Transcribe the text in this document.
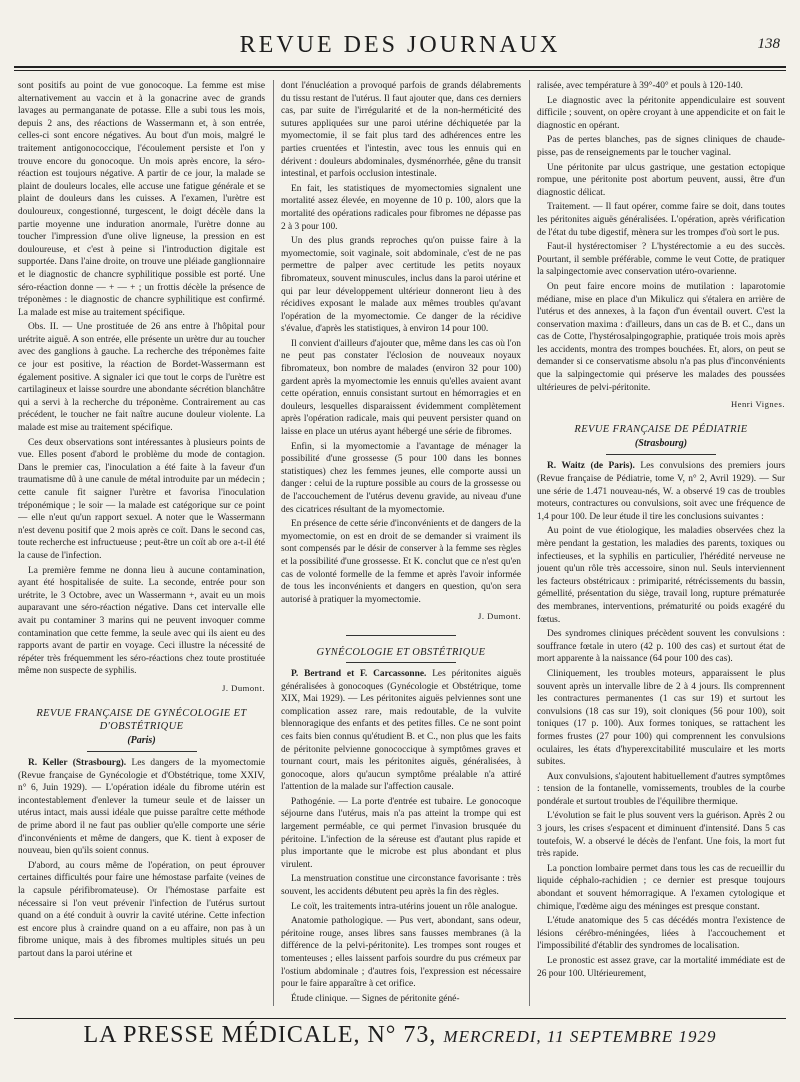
REVUE DES JOURNAUX	138

sont positifs au point de vue gonocoque. La femme est mise alternativement au vaccin et à la gonacrine avec de grands lavages au permanganate de potasse. Elle a subi tous les mois, depuis 2 ans, des réactions de Wassermann et, à son entrée, celles-ci sont encore négatives. Au bout d'un mois, malgré le traitement antigonococcique, l'écoulement persiste et l'on y trouve encore du gonocoque. Un mois après encore, la séro-réaction est toujours négative. A partir de ce jour, la malade se plaint de douleurs locales, elle accuse une fatigue générale et se plaint de douleurs dans les cuisses. A l'examen, l'urètre est douloureux, congestionné, turgescent, le doigt décèle dans la partie moyenne une induration anormale, l'urètre donne au toucher l'impression d'une olive ligneuse, la pression en est douloureuse, et c'est à peine si l'introduction digitale est supportée. Dans l'aine droite, on trouve une pléiade ganglionnaire et le diagnostic de chancre syphilitique possible est porté. Une séro-réaction donne — + — + ; un frottis décèle la présence de tréponèmes : le diagnostic de chancre syphilitique est confirmé. La malade est mise au traitement spécifique.

Obs. II. — Une prostituée de 26 ans entre à l'hôpital pour urétrite aiguë. A son entrée, elle présente un urètre dur au toucher avec des ganglions à gauche. La recherche des tréponèmes faite ce jour est positive, la réaction de Bordet-Wassermann est également positive. A signaler ici que tout le corps de l'urètre est cartilagineux et laisse sourdre une abondante sécrétion blanchâtre qui a servi à la recherche du tréponème. Contrairement au cas précédent, le toucher ne fait naître aucune douleur violente. La malade est mise au traitement spécifique.

Ces deux observations sont intéressantes à plusieurs points de vue. Elles posent d'abord le problème du mode de contagion. Dans le premier cas, l'inoculation a été faite à la faveur d'un traumatisme dû à une canule de métal introduite par un médecin ; cette canule fit saigner l'urètre et favorisa l'inoculation tréponémique ; le soir — la malade est catégorique sur ce point — elle n'eut qu'un rapport sexuel. A noter que le Wassermann n'est devenu positif que 2 mois après ce coït. Dans le second cas, toute recherche est infructueuse ; peut-être un coït ab ore a-t-il été la cause de l'infection.

La première femme ne donna lieu à aucune contamination, ayant été hospitalisée de suite. La seconde, entrée pour son urétrite, le 3 Octobre, avec un Wassermann +, avait eu un mois auparavant une séro-réaction négative. Dans cet intervalle elle avait pu contaminer 3 marins qui ne peuvent invoquer comme contamination que cette femme, la seule avec qui ils aient eu des rapports avant de partir en voyage. Ceci illustre la nécessité de répéter très fréquemment les séro-réactions chez toute prostituée même non suspecte de syphilis.

J. Dumont.

REVUE FRANÇAISE DE GYNÉCOLOGIE ET D'OBSTÉTRIQUE
(Paris)

R. Keller (Strasbourg). Les dangers de la myomectomie (Revue française de Gynécologie et d'Obstétrique, tome XXIV, n° 6, Juin 1929). — L'opération idéale du fibrome utérin est incontestablement d'enlever la tumeur seule et de laisser un utérus intact, mais aussi idéale que puisse paraître cette méthode de prime abord il ne faut pas oublier qu'elle comporte une série d'inconvénients et même de dangers, que K. tient à exposer de nouveau, bien qu'ils soient connus.

D'abord, au cours même de l'opération, on peut éprouver certaines difficultés pour faire une hémostase parfaite (veines de la capsule périfibromateuse). Or l'hémostase parfaite est nécessaire si l'on veut prévenir l'infection de l'utérus surtout quand on a été conduit à ouvrir la cavité utérine. Cette infection est encore plus à craindre quand on a eu affaire, non pas à un fibrome unique, mais à des fibromes multiples situés un peu partout dans la paroi utérine et

dont l'énucléation a provoqué parfois de grands délabrements du tissu restant de l'utérus. Il faut ajouter que, dans ces derniers cas, par suite de l'irrégularité et de la non-herméticité des sutures appliquées sur une paroi utérine déchiquetée par la myomectomie, il se fait plus tard des adhérences entre les parties cruentées et l'intestin, avec tous les ennuis qui en dérivent : douleurs abdominales, dysménorrhée, gêne du transit intestinal, et parfois occlusion intestinale.

En fait, les statistiques de myomectomies signalent une mortalité assez élevée, en moyenne de 10 p. 100, alors que la mortalité des opérations radicales pour fibromes ne dépasse pas 2 à 3 pour 100.

Un des plus grands reproches qu'on puisse faire à la myomectomie, soit vaginale, soit abdominale, c'est de ne pas permettre de palper avec certitude les petits noyaux fibromateux, souvent minuscules, inclus dans la paroi utérine et qui par leur développement ultérieur donneront lieu à des récidives exposant le malade aux mêmes troubles qu'avant l'opération de la myomectomie. Ce danger de la récidive s'évalue, d'après les statistiques, à environ 14 pour 100.

Il convient d'ailleurs d'ajouter que, même dans les cas où l'on ne peut pas constater l'éclosion de nouveaux noyaux fibromateux, bon nombre de malades (environ 32 pour 100) gardent après la myomectomie les ennuis qu'elles avaient avant cette opération, ennuis consistant surtout en hémorragies et en douleurs, lesquelles disparaissent évidemment complètement après l'opération radicale, mais qui peuvent persister quand on laisse en place un utérus ayant hébergé une série de fibromes.

Enfin, si la myomectomie a l'avantage de ménager la possibilité d'une grossesse (5 pour 100 dans les bonnes statistiques) chez les femmes jeunes, elle comporte aussi un danger : celui de la rupture possible au cours de la grossesse ou de l'accouchement de l'utérus devenu gravide, au niveau d'une des cicatrices résultant de la myomectomie.

En présence de cette série d'inconvénients et de dangers de la myomectomie, on est en droit de se demander si vraiment ils sont compensés par le désir de conserver à la femme ses règles et la possibilité d'une grossesse. Et K. conclut que ce n'est qu'en cas de volonté formelle de la femme et après l'avoir informée de tous les inconvénients et dangers en question, qu'on sera autorisé à pratiquer la myomectomie.

J. Dumont.

GYNÉCOLOGIE ET OBSTÉTRIQUE

P. Bertrand et F. Carcassonne. Les péritonites aiguës généralisées à gonocoques (Gynécologie et Obstétrique, tome XIX, Mai 1929). — Les péritonites aiguës pelviennes sont une complication assez rare, mais redoutable, de la vulvite blennoragique des enfants et des petites filles. Ce ne sont point ces faits bien connus qu'étudient B. et C., non plus que les faits de péritonite pelvienne gonococcique à symptômes graves et tournant court, mais les péritonites aiguës, généralisées, à gonocoque, alors qu'aucun symptôme préalable n'a attiré l'attention de la malade sur l'affection causale.

Pathogénie. — La porte d'entrée est tubaire. Le gonocoque séjourne dans l'utérus, mais n'a pas atteint la trompe qui est largement perméable, ce qui permet l'invasion brusquée du péritoine. L'infection de la séreuse est d'autant plus rapide et plus importante que le microbe est plus abondant et plus virulent.

La menstruation constitue une circonstance favorisante : très souvent, les accidents débutent peu après la fin des règles.

Le coït, les traitements intra-utérins jouent un rôle analogue.

Anatomie pathologique. — Pus vert, abondant, sans odeur, péritoine rouge, anses libres sans fausses membranes (à la différence de la pelvi-péritonite). Les trompes sont rouges et tomenteuses ; elles laissent parfois sourdre du pus crémeux par l'ostium abdominale ; d'autres fois, l'expression est nécessaire pour le faire apparaître à cet orifice.

Étude clinique. — Signes de péritonite géné-

ralisée, avec température à 39°-40° et pouls à 120-140.

Le diagnostic avec la péritonite appendiculaire est souvent difficile ; souvent, on opère croyant à une appendicite et on fait le diagnostic en opérant.

Pas de pertes blanches, pas de signes cliniques de chaude-pisse, pas de renseignements par le toucher vaginal.

Une péritonite par ulcus gastrique, une gestation ectopique rompue, une péritonite post abortum peuvent, aussi, être d'un diagnostic délicat.

Traitement. — Il faut opérer, comme faire se doit, dans toutes les péritonites aiguës généralisées. L'opération, après vérification de l'état du tube digestif, mènera sur les trompes d'où sort le pus.

Faut-il hystérectomiser ? L'hystérectomie a eu des succès. Pourtant, il semble préférable, comme le veut Cotte, de pratiquer la salpingectomie avec conservation utéro-ovarienne.

On peut faire encore moins de mutilation : laparotomie médiane, mise en place d'un Mikulicz qui s'étalera en arrière de l'utérus et des annexes, à la façon d'un éventail ouvert. C'est la conservation maxima : d'ailleurs, dans un cas de B. et C., dans un cas de Cotte, l'hystérosalpingographie, pratiquée trois mois après les accidents, montra des trompes bouchées. Et, alors, on peut se demander si ce conservatisme absolu n'a pas plus d'inconvénients que la salpingectomie qui préserve les malades des poussées ultérieures de pelvi-péritonite.

Henri Vignes.

REVUE FRANÇAISE DE PÉDIATRIE
(Strasbourg)

R. Waitz (de Paris). Les convulsions des premiers jours (Revue française de Pédiatrie, tome V, n° 2, Avril 1929). — Sur une série de 1.471 nouveau-nés, W. a observé 19 cas de troubles moteurs, contractures ou convulsions, soit avec une fréquence de 1,4 pour 100. De leur étude il tire les conclusions suivantes :

Au point de vue étiologique, les maladies observées chez la mère pendant la gestation, les maladies des parents, toxiques ou infectieuses, et la syphilis en particulier, l'hérédité nerveuse ne jouent qu'un rôle très accessoire, sinon nul. Seuls interviennent les facteurs obstétricaux : primiparité, rétrécissements du bassin, gémellité, présentation du siège, travail long, rupture prématurée des membranes, interventions, prématurité ou poids exagéré du fœtus.

Des syndromes cliniques précèdent souvent les convulsions : souffrance fœtale in utero (42 p. 100 des cas) et surtout état de mort apparente à la naissance (64 pour 100 des cas).

Cliniquement, les troubles moteurs, apparaissent le plus souvent après un intervalle libre de 2 à 4 jours. Ils comprennent les contractures permanentes (1 cas sur 19) et surtout les convulsions (18 cas sur 19), soit cloniques (56 pour 100), soit toniques (17 p. 100). Aux formes toniques, se rattachent les formes frustes (27 pour 100) qui comprennent les convulsions oculaires, les états d'hyperexcitabilité musculaire et les morts subites.

Aux convulsions, s'ajoutent habituellement d'autres symptômes : tension de la fontanelle, vomissements, troubles de la courbe pondérale et surtout troubles de l'équilibre thermique.

L'évolution se fait le plus souvent vers la guérison. Après 2 ou 3 jours, les crises s'espacent et diminuent d'intensité. Dans 5 cas toutefois, W. a observé le décès de l'enfant. Une fois, la mort fut très rapide.

La ponction lombaire permet dans tous les cas de recueillir du liquide céphalo-rachidien ; ce dernier est presque toujours abondant et souvent hémorragique. A l'examen cytologique et chimique, l'œdème aigu des méninges est presque constant.

L'étude anatomique des 5 cas décédés montra l'existence de lésions cérébro-méningées, liées à l'accouchement et l'impossibilité d'établir des syndromes de localisation.

Le pronostic est assez grave, car la mortalité immédiate est de 26 pour 100. Ultérieurement,

LA PRESSE MÉDICALE, N° 73, MERCREDI, 11 SEPTEMBRE 1929
